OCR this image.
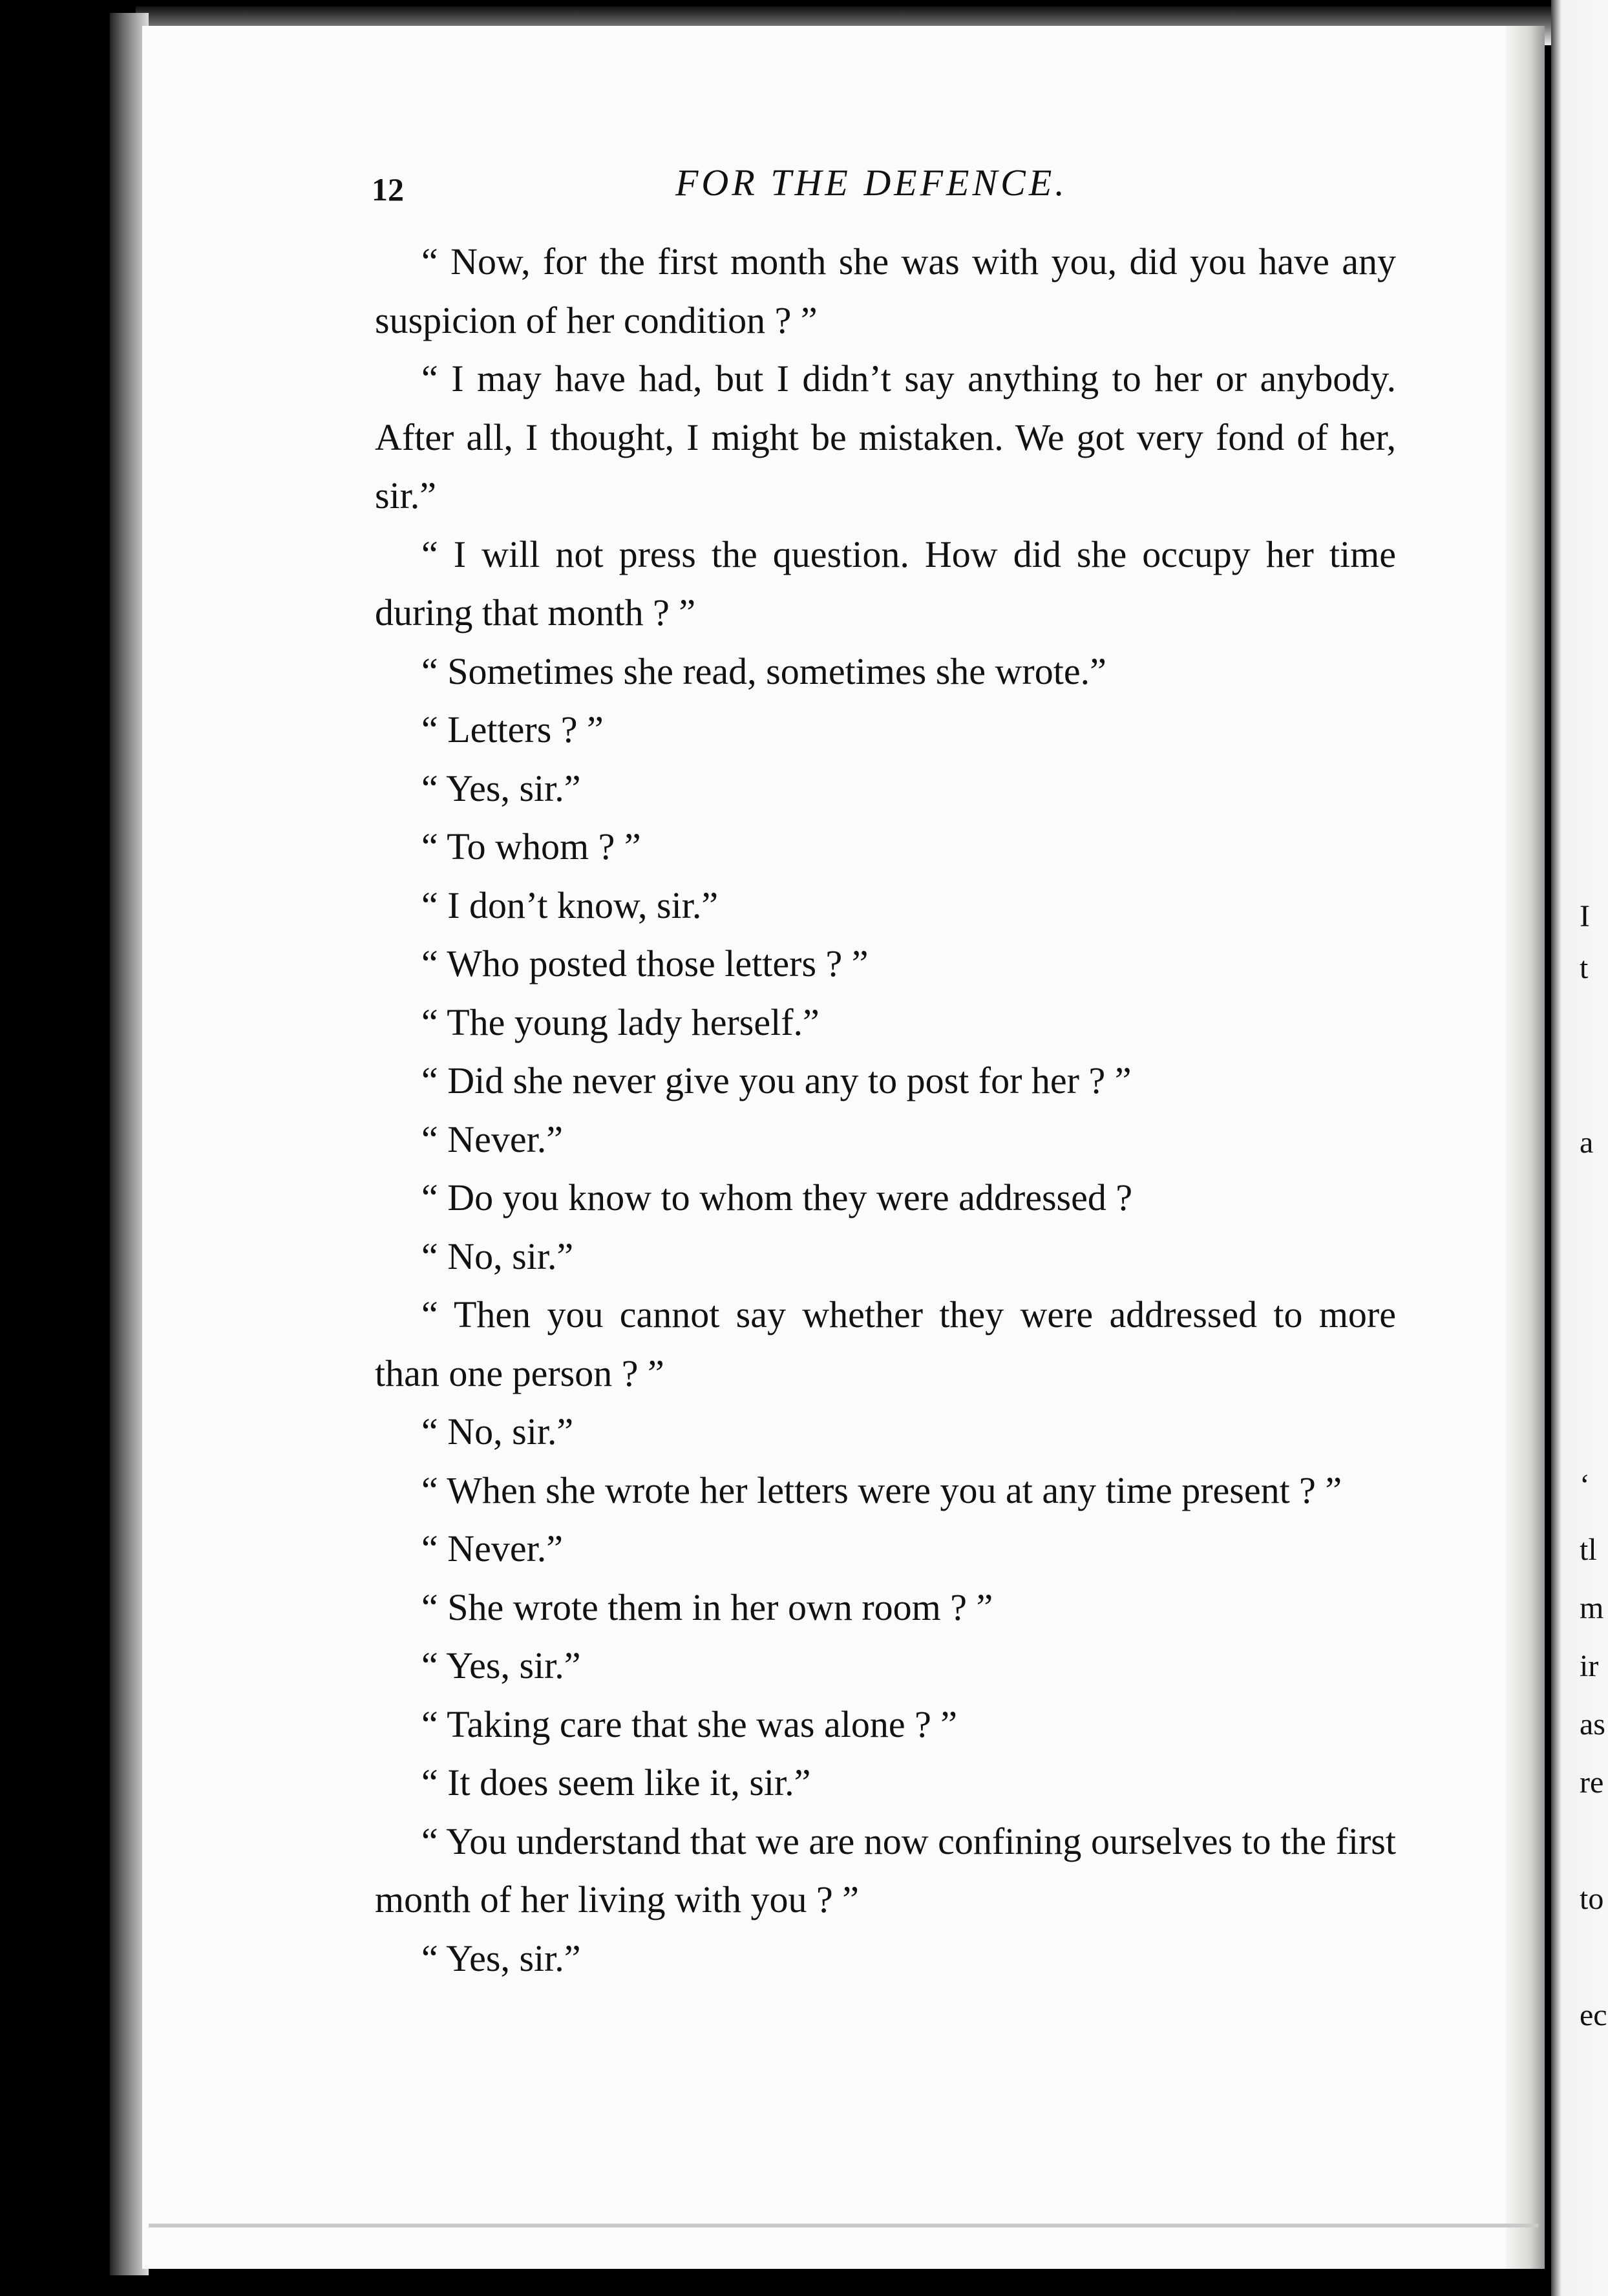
I
t
a
‘
tl
m
ir
as
re
to
ec
12	FOR THE DEFENCE.

“ Now, for the first month she was with you, did you have any suspicion of her condition ? ”

“ I may have had, but I didn’t say anything to her or anybody. After all, I thought, I might be mistaken. We got very fond of her, sir.”

“ I will not press the question. How did she occupy her time during that month ? ”

“ Sometimes she read, sometimes she wrote.”

“ Letters ? ”

“ Yes, sir.”

“ To whom ? ”

“ I don’t know, sir.”

“ Who posted those letters ? ”

“ The young lady herself.”

“ Did she never give you any to post for her ? ”

“ Never.”

“ Do you know to whom they were addressed ?

“ No, sir.”

“ Then you cannot say whether they were addressed to more than one person ? ”

“ No, sir.”

“ When she wrote her letters were you at any time present ? ”

“ Never.”

“ She wrote them in her own room ? ”

“ Yes, sir.”

“ Taking care that she was alone ? ”

“ It does seem like it, sir.”

“ You understand that we are now confining ourselves to the first month of her living with you ? ”

“ Yes, sir.”
